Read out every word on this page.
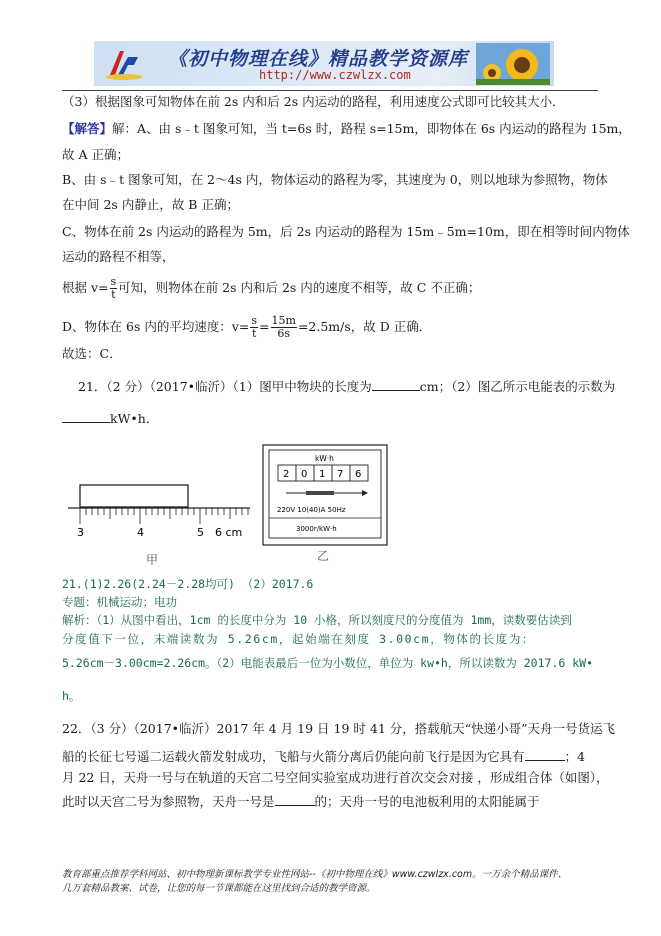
《初中物理在线》精品教学资源库
http://www.czwlzx.com
（3）根据图象可知物体在前 2s 内和后 2s 内运动的路程，利用速度公式即可比较其大小．
【解答】解：A、由 s﹣t 图象可知，当 t=6s 时，路程 s=15m，即物体在 6s 内运动的路程为 15m，
故 A 正确；
B、由 s﹣t 图象可知，在 2～4s 内，物体运动的路程为零，其速度为 0，则以地球为参照物，物体
在中间 2s 内静止，故 B 正确；
C、物体在前 2s 内运动的路程为 5m，后 2s 内运动的路程为 15m﹣5m=10m，即在相等时间内物体
运动的路程不相等，
根据 $v= \frac{s}{t}$ 可知，则物体在前 2s 内和后 2s 内的速度不相等，故 C 不正确；
D、物体在 6s 内的平均速度：$v= \frac{s}{t} = \frac{15m}{6s} =2.5m/s$，故 D 正确．
故选：C．
21．（2 分）（2017•临沂）（1）图甲中物块的长度为	cm；（2）图乙所示电能表的示数为
kW•h．
3	4	5 6 cm
甲
kW·h
2 0 1 7 6
220V 10(40)A 50Hz
3000r/kW·h
乙
21.(1)2.26(2.24－2.28均可) （2）2017.6
专题：机械运动；电功
解析：（1）从图中看出，1cm 的长度中分为 10 小格，所以刻度尺的分度值为 1mm，读数要估读到
分度值下一位，末端读数为 5.26cm，起始端在刻度 3.00cm，物体的长度为：
5.26cm－3.00cm=2.26cm。（2）电能表最后一位为小数位，单位为 kw•h，所以读数为 2017.6 kW•
h。
22．（3 分）（2017•临沂）2017 年 4 月 19 日 19 时 41 分，搭载航天“快递小哥”天舟一号货运飞
船的长征七号遥二运载火箭发射成功，飞船与火箭分离后仍能向前飞行是因为它具有	；4
月 22 日，天舟一号与在轨道的天宫二号空间实验室成功进行首次交会对接 ，形成组合体（如图），
此时以天宫二号为参照物，天舟一号是	的；天舟一号的电池板利用的太阳能属于
教育部重点推荐学科网站、初中物理新课标教学专业性网站--《初中物理在线》www.czwlzx.com。一万余个精品课件、
几万套精品教案、试卷，让您的每一节课都能在这里找到合适的教学资源。
